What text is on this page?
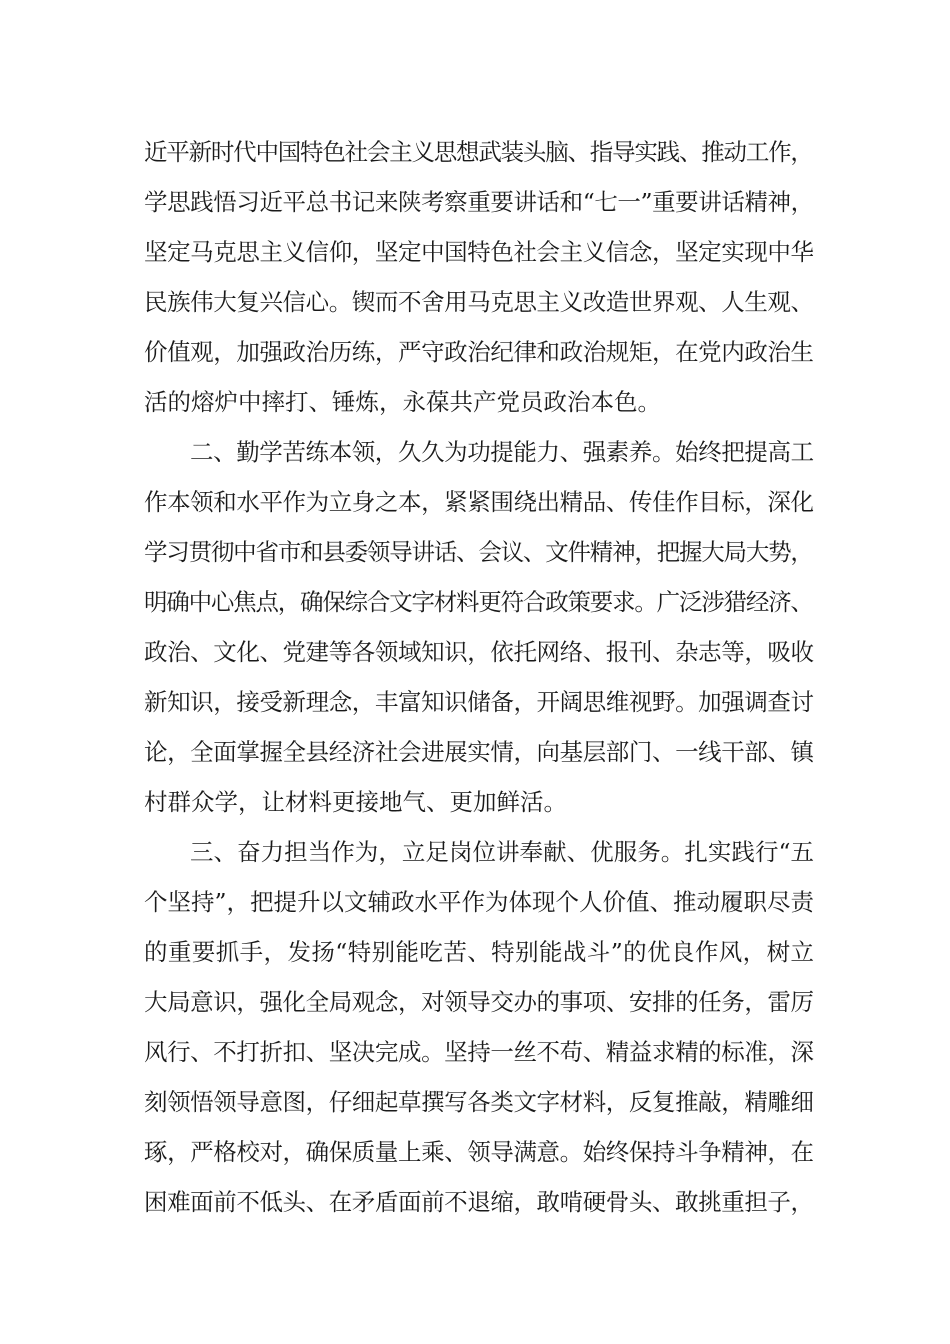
近平新时代中国特色社会主义思想武装头脑、指导实践、推动工作，
学思践悟习近平总书记来陕考察重要讲话和“七一”重要讲话精神，
坚定马克思主义信仰，坚定中国特色社会主义信念，坚定实现中华
民族伟大复兴信心。锲而不舍用马克思主义改造世界观、人生观、
价值观，加强政治历练，严守政治纪律和政治规矩，在党内政治生
活的熔炉中摔打、锤炼，永葆共产党员政治本色。
二、勤学苦练本领，久久为功提能力、强素养。始终把提高工
作本领和水平作为立身之本，紧紧围绕出精品、传佳作目标，深化
学习贯彻中省市和县委领导讲话、会议、文件精神，把握大局大势，
明确中心焦点，确保综合文字材料更符合政策要求。广泛涉猎经济、
政治、文化、党建等各领域知识，依托网络、报刊、杂志等，吸收
新知识，接受新理念，丰富知识储备，开阔思维视野。加强调查讨
论，全面掌握全县经济社会进展实情，向基层部门、一线干部、镇
村群众学，让材料更接地气、更加鲜活。
三、奋力担当作为，立足岗位讲奉献、优服务。扎实践行“五
个坚持”，把提升以文辅政水平作为体现个人价值、推动履职尽责
的重要抓手，发扬“特别能吃苦、特别能战斗”的优良作风，树立
大局意识，强化全局观念，对领导交办的事项、安排的任务，雷厉
风行、不打折扣、坚决完成。坚持一丝不苟、精益求精的标准，深
刻领悟领导意图，仔细起草撰写各类文字材料，反复推敲，精雕细
琢，严格校对，确保质量上乘、领导满意。始终保持斗争精神，在
困难面前不低头、在矛盾面前不退缩，敢啃硬骨头、敢挑重担子，
